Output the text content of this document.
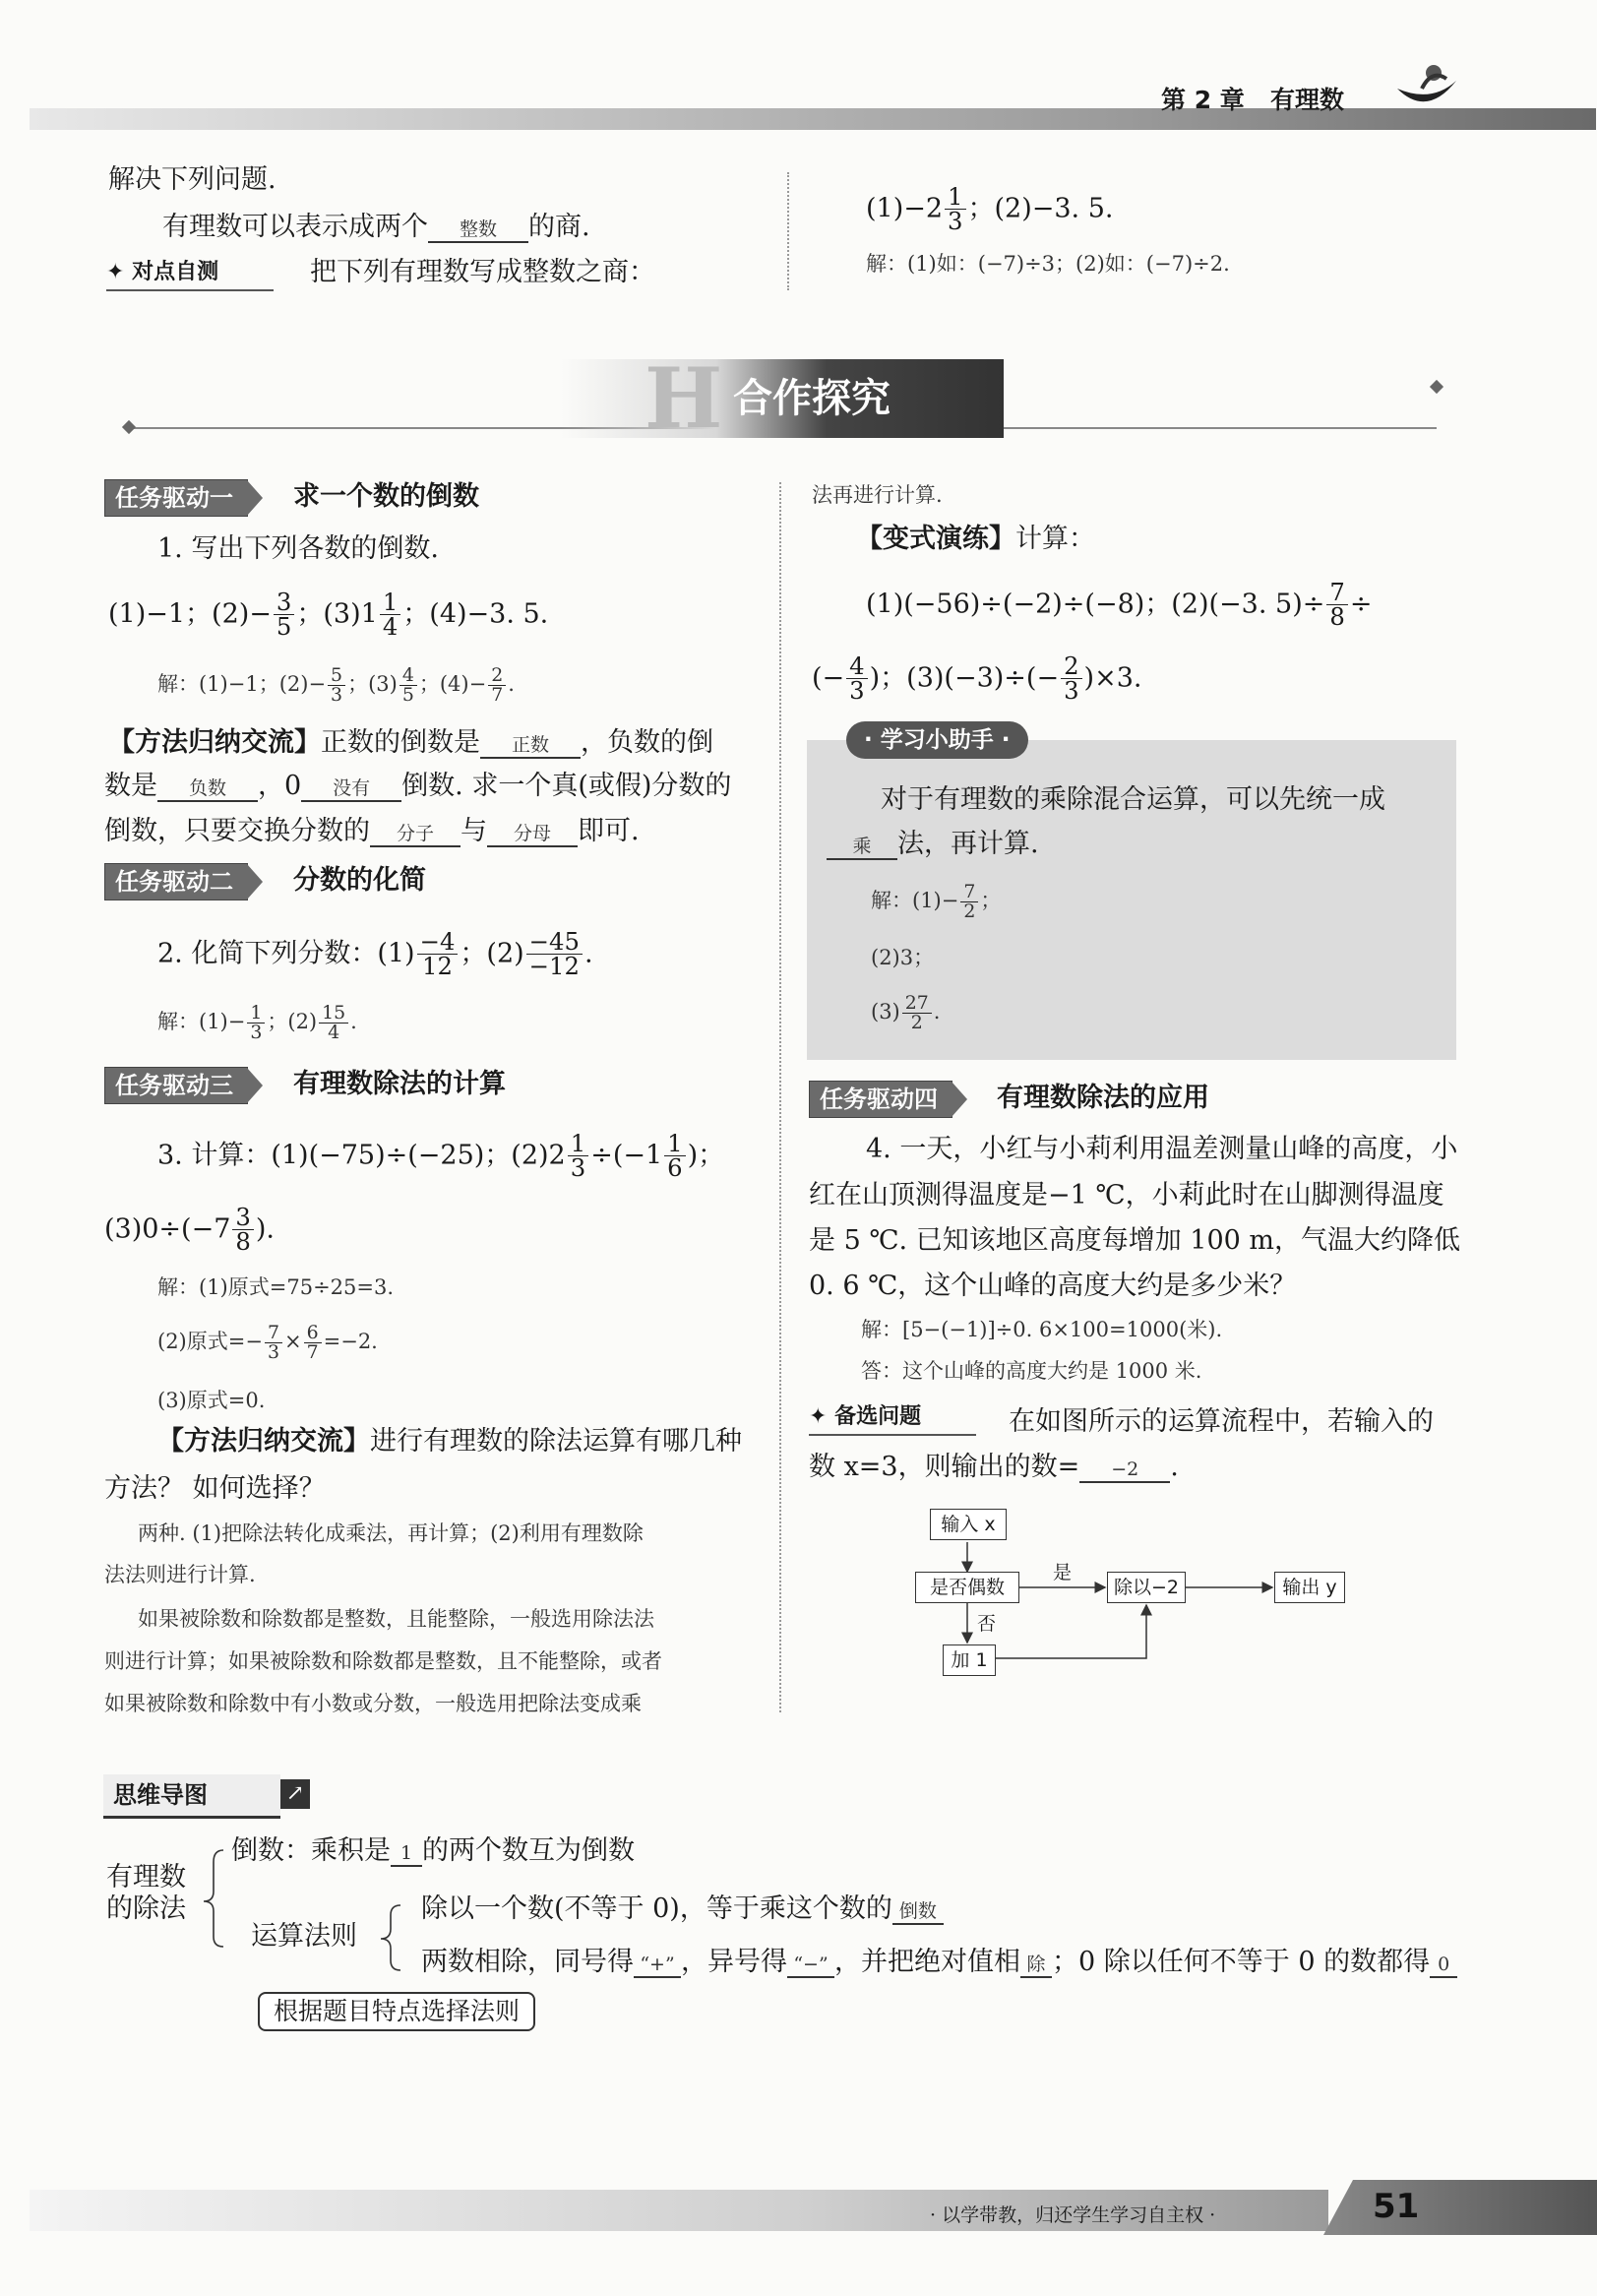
第 2 章 有理数
解决下列问题.
有理数可以表示成两个 整数 的商.
✦ 对点自测	把下列有理数写成整数之商：
$(1)-2 \frac{1}{3}$ ；(2)−3. 5.
解：(1)如：(−7)÷3；(2)如：(−7)÷2.
H 合作探究
任务驱动一	求一个数的倒数
1. 写出下列各数的倒数.
(1)−1；$(2)- \frac{3}{5}$ ；$(3)1 \frac{1}{4}$ ；(4)−3. 5.
解：(1)−1；$(2)- \frac{5}{3}$ ；$(3) \frac{4}{5}$ ；$(4)- \frac{2}{7}$ .
【方法归纳交流】正数的倒数是 正数 ，负数的倒
数是 负数 ，0 没有 倒数. 求一个真(或假)分数的
倒数，只要交换分数的 分子 与 分母 即可.
任务驱动二	分数的化简
2. 化简下列分数：$(1) \frac{-4}{12}$ ；$(2) \frac{-45}{-12}$ .
解：$(1)- \frac{1}{3}$ ；$(2) \frac{15}{4}$ .
任务驱动三	有理数除法的计算
3. 计算：(1)(−75)÷(−25)；$(2)2 \frac{1}{3} \div(-1 \frac{1}{6}$ )；
$(3)0\div(-7 \frac{3}{8}$ ).
解：(1)原式=75÷25=3.
(2)原式=− $\frac{7}{3} \times \frac{6}{7} =-2$.
(3)原式=0.
【方法归纳交流】进行有理数的除法运算有哪几种
方法？ 如何选择？
两种. (1)把除法转化成乘法，再计算；(2)利用有理数除
法法则进行计算.
如果被除数和除数都是整数，且能整除，一般选用除法法
则进行计算；如果被除数和除数都是整数，且不能整除，或者
如果被除数和除数中有小数或分数，一般选用把除法变成乘
法再进行计算.
【变式演练】计算：
(1)(−56)÷(−2)÷(−8)；(2)(−3. $5)\div \frac{7}{8}$ ÷
(− $\frac{4}{3}$ )；$(3)(-3)\div(- \frac{2}{3} )\times 3$.
· 学习小助手 ·
对于有理数的乘除混合运算，可以先统一成
乘 法，再计算.
解：$(1)- \frac{7}{2}$ ；
(2)3；
$(3) \frac{27}{2}$ .
任务驱动四	有理数除法的应用
4. 一天，小红与小莉利用温差测量山峰的高度，小
红在山顶测得温度是−1 ℃，小莉此时在山脚测得温度
是 5 ℃. 已知该地区高度每增加 100 m，气温大约降低
0. 6 ℃，这个山峰的高度大约是多少米？
解：[5−(−1)]÷0. 6×100=1000(米).
答：这个山峰的高度大约是 1000 米.
✦ 备选问题	在如图所示的运算流程中，若输入的
数 x=3，则输出的数= −2 .
输入 x
是否偶数
是
除以−2	输出 y
否
加 1
思维导图	↗
有理数
的除法
倒数：乘积是 1 的两个数互为倒数
运算法则
除以一个数(不等于 0)，等于乘这个数的 倒数
两数相除，同号得 “+” ，异号得 “−” ，并把绝对值相 除 ；0 除以任何不等于 0 的数都得 0
根据题目特点选择法则
· 以学带教，归还学生学习自主权 ·	51
